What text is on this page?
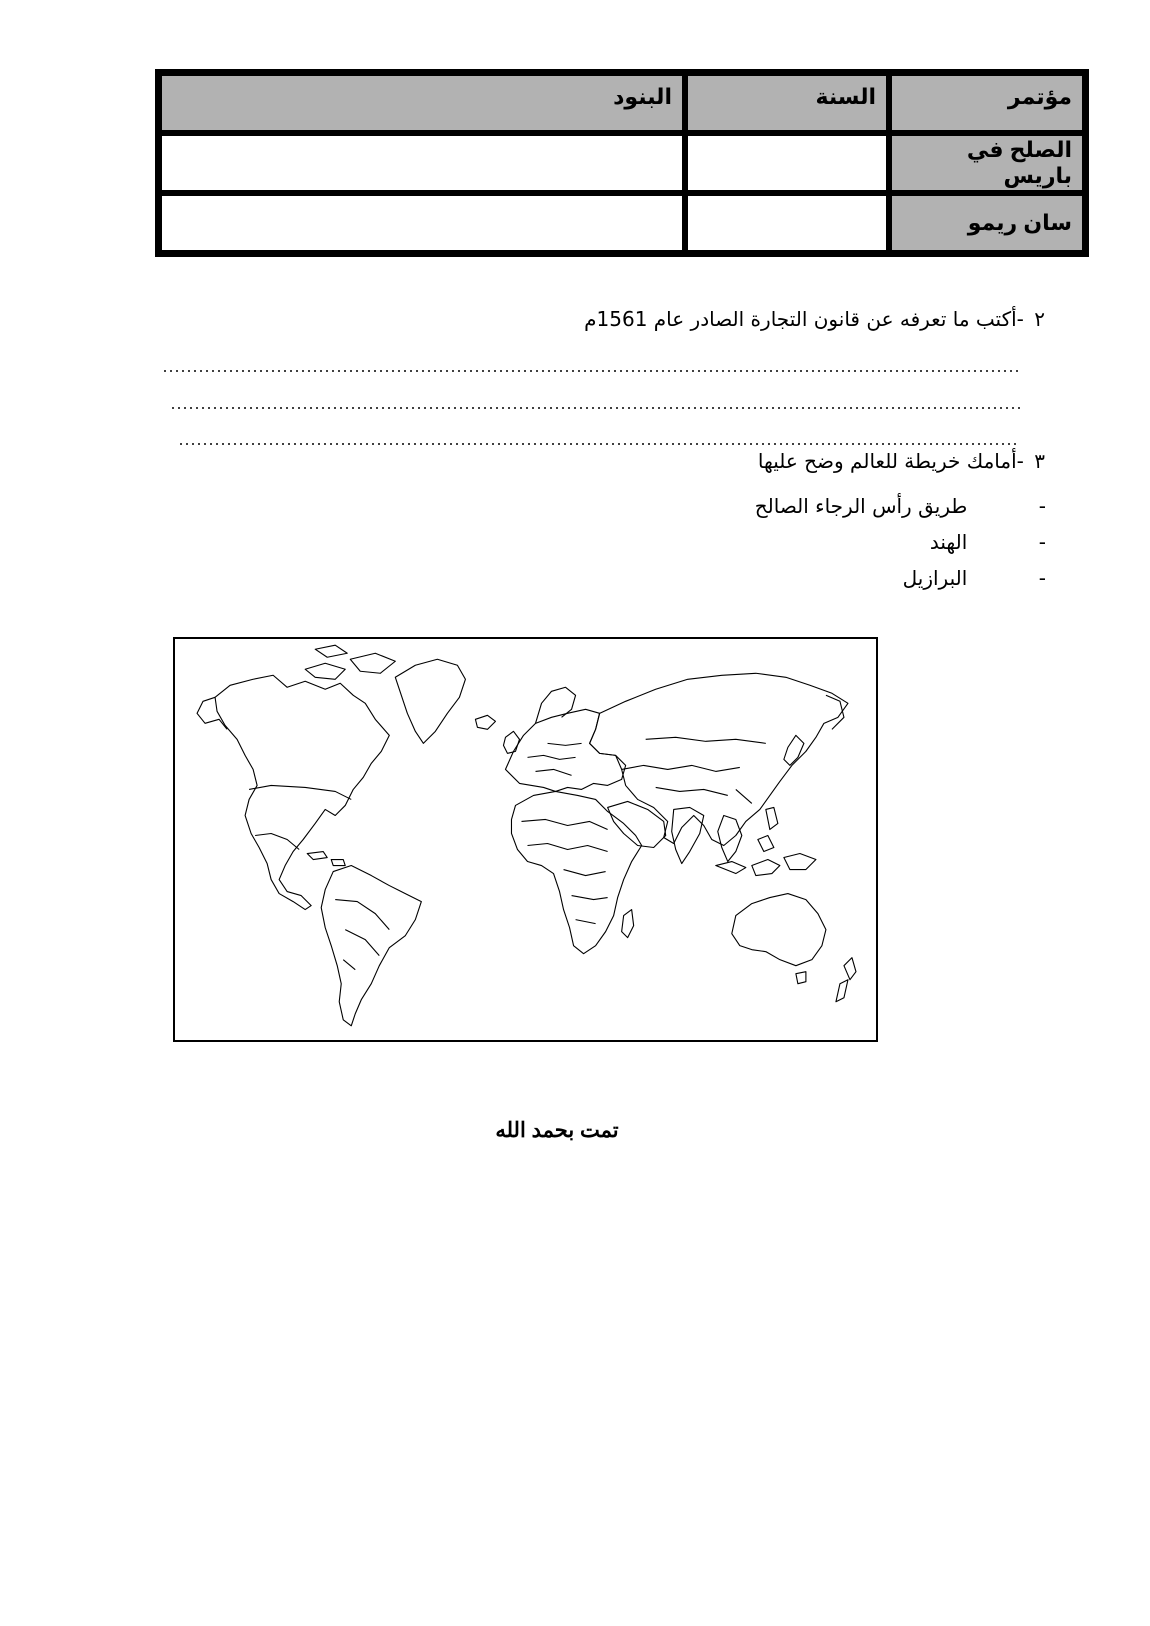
مؤتمر	السنة	البنود
الصلح في باريس		
سان ريمو		
٢ -أكتب ما تعرفه عن قانون التجارة الصادر عام 1561م
٣ -أمامك خريطة للعالم وضح عليها
-  طريق رأس الرجاء الصالح
-  الهند
-  البرازيل
تمت بحمد الله
